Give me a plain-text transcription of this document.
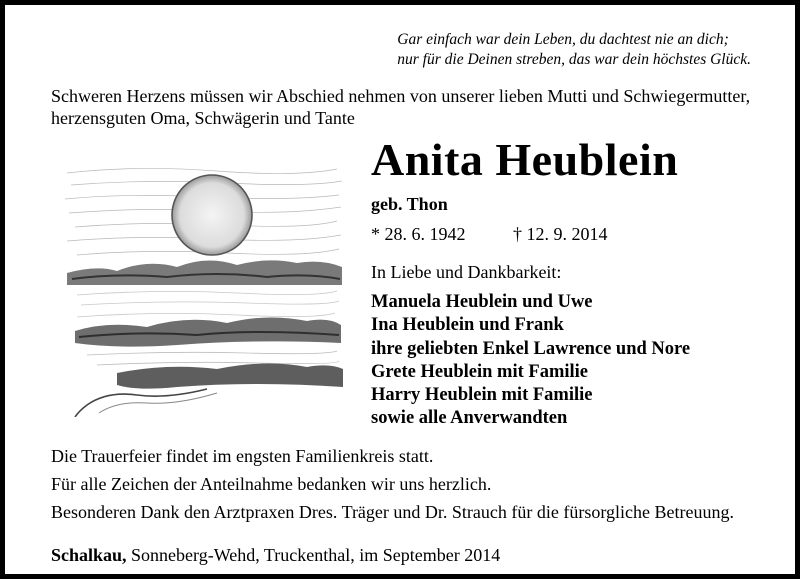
Gar einfach war dein Leben, du dachtest nie an dich;
nur für die Deinen streben, das war dein höchstes Glück.
Schweren Herzens müssen wir Abschied nehmen von unserer lieben Mutti und Schwiegermutter, herzensguten Oma, Schwägerin und Tante
Anita Heublein
geb. Thon
* 28. 6. 1942	† 12. 9. 2014
In Liebe und Dankbarkeit:
Manuela Heublein und Uwe
Ina Heublein und Frank
ihre geliebten Enkel Lawrence und Nore
Grete Heublein mit Familie
Harry Heublein mit Familie
sowie alle Anverwandten

Die Trauerfeier findet im engsten Familienkreis statt.

Für alle Zeichen der Anteilnahme bedanken wir uns herzlich.

Besonderen Dank den Arztpraxen Dres. Träger und Dr. Strauch für die fürsorgliche Betreuung.

Schalkau, Sonneberg-Wehd, Truckenthal, im September 2014
